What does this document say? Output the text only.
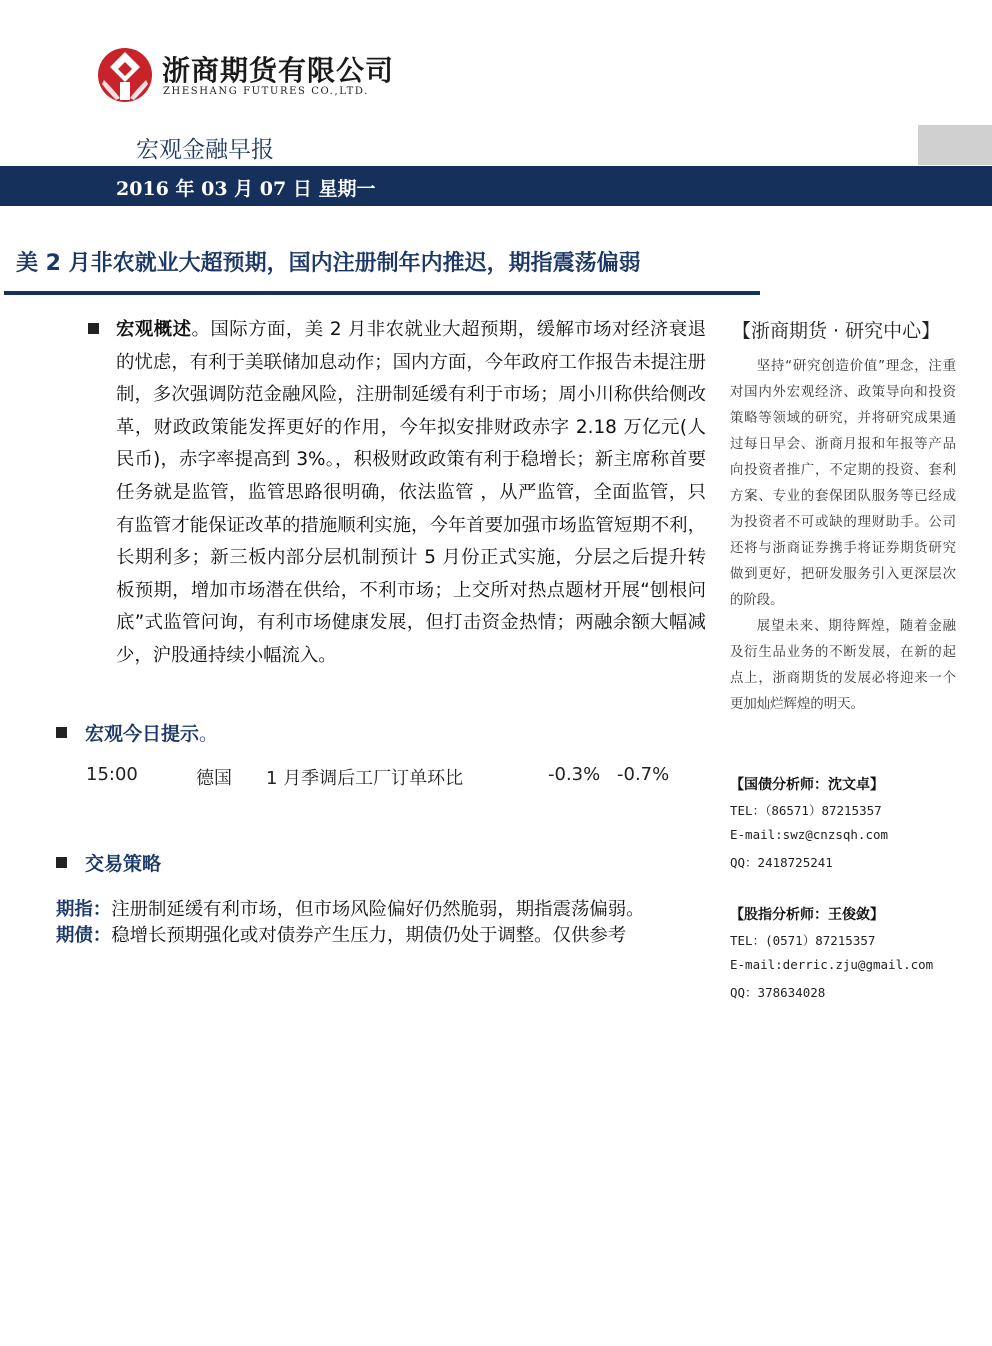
浙商期货有限公司
ZHESHANG FUTURES CO.,LTD.
宏观金融早报
2016 年 03 月 07 日 星期一
美 2 月非农就业大超预期，国内注册制年内推迟，期指震荡偏弱
宏观概述。国际方面，美 2 月非农就业大超预期，缓解市场对经济衰退的忧虑，有利于美联储加息动作；国内方面，今年政府工作报告未提注册制，多次强调防范金融风险，注册制延缓有利于市场；周小川称供给侧改革，财政政策能发挥更好的作用，今年拟安排财政赤字 2.18 万亿元(人民币)，赤字率提高到 3%。，积极财政政策有利于稳增长；新主席称首要任务就是监管，监管思路很明确，依法监管 ，从严监管，全面监管，只有监管才能保证改革的措施顺利实施，今年首要加强市场监管短期不利，长期利多；新三板内部分层机制预计 5 月份正式实施，分层之后提升转板预期，增加市场潜在供给，不利市场；上交所对热点题材开展“刨根问底”式监管问询，有利市场健康发展，但打击资金热情；两融余额大幅减少，沪股通持续小幅流入。
宏观今日提示。
15:00	德国 1 月季调后工厂订单环比	-0.3% -0.7%
交易策略
期指：注册制延缓有利市场，但市场风险偏好仍然脆弱，期指震荡偏弱。
期债：稳增长预期强化或对债券产生压力，期债仍处于调整。仅供参考
【浙商期货 · 研究中心】
坚持“研究创造价值”理念，注重对国内外宏观经济、政策导向和投资策略等领域的研究，并将研究成果通过每日早会、浙商月报和年报等产品向投资者推广，不定期的投资、套利方案、专业的套保团队服务等已经成为投资者不可或缺的理财助手。公司还将与浙商证券携手将证券期货研究做到更好，把研发服务引入更深层次的阶段。
展望未来、期待辉煌，随着金融及衍生品业务的不断发展，在新的起点上，浙商期货的发展必将迎来一个更加灿烂辉煌的明天。
【国债分析师：沈文卓】
TEL：（86571）87215357
E-mail:swz@cnzsqh.com
QQ：2418725241
【股指分析师：王俊敛】
TEL：(0571）87215357
E-mail:derric.zju@gmail.com
QQ：378634028
